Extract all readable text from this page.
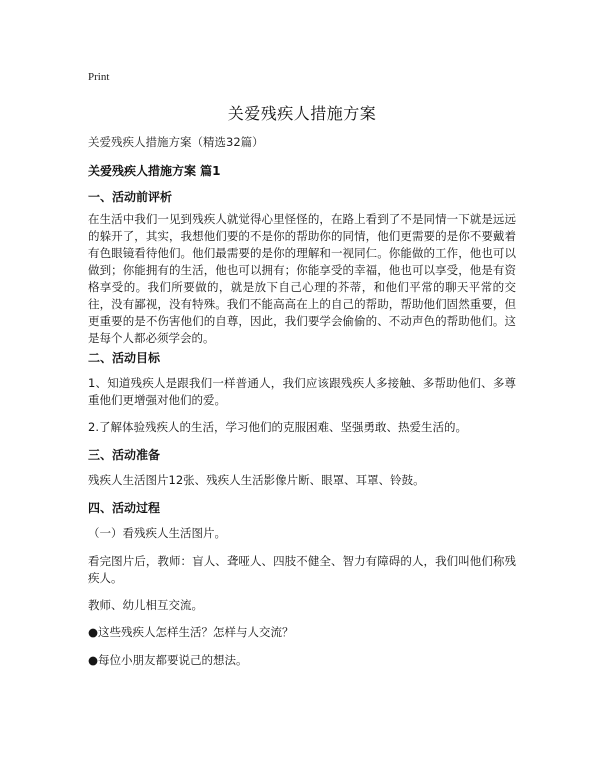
Print
关爱残疾人措施方案
关爱残疾人措施方案（精选32篇）
关爱残疾人措施方案 篇1
一、活动前评析

在生活中我们一见到残疾人就觉得心里怪怪的，在路上看到了不是同情一下就是远远的躲开了，其实，我想他们要的不是你的帮助你的同情，他们更需要的是你不要戴着有色眼镜看待他们。他们最需要的是你的理解和一视同仁。你能做的工作，他也可以做到；你能拥有的生活，他也可以拥有；你能享受的幸福，他也可以享受，他是有资格享受的。我们所要做的，就是放下自己心理的芥蒂，和他们平常的聊天平常的交往，没有鄙视，没有特殊。我们不能高高在上的自己的帮助，帮助他们固然重要，但更重要的是不伤害他们的自尊，因此，我们要学会偷偷的、不动声色的帮助他们。这是每个人都必须学会的。

二、活动目标

1、知道残疾人是跟我们一样普通人，我们应该跟残疾人多接触、多帮助他们、多尊重他们更增强对他们的爱。

2.了解体验残疾人的生活，学习他们的克服困难、坚强勇敢、热爱生活的。

三、活动准备

残疾人生活图片12张、残疾人生活影像片断、眼罩、耳罩、铃鼓。

四、活动过程

（一）看残疾人生活图片。

看完图片后，教师：盲人、聋哑人、四肢不健全、智力有障碍的人，我们叫他们称残疾人。

教师、幼儿相互交流。

●这些残疾人怎样生活？怎样与人交流？

●每位小朋友都要说己的想法。
